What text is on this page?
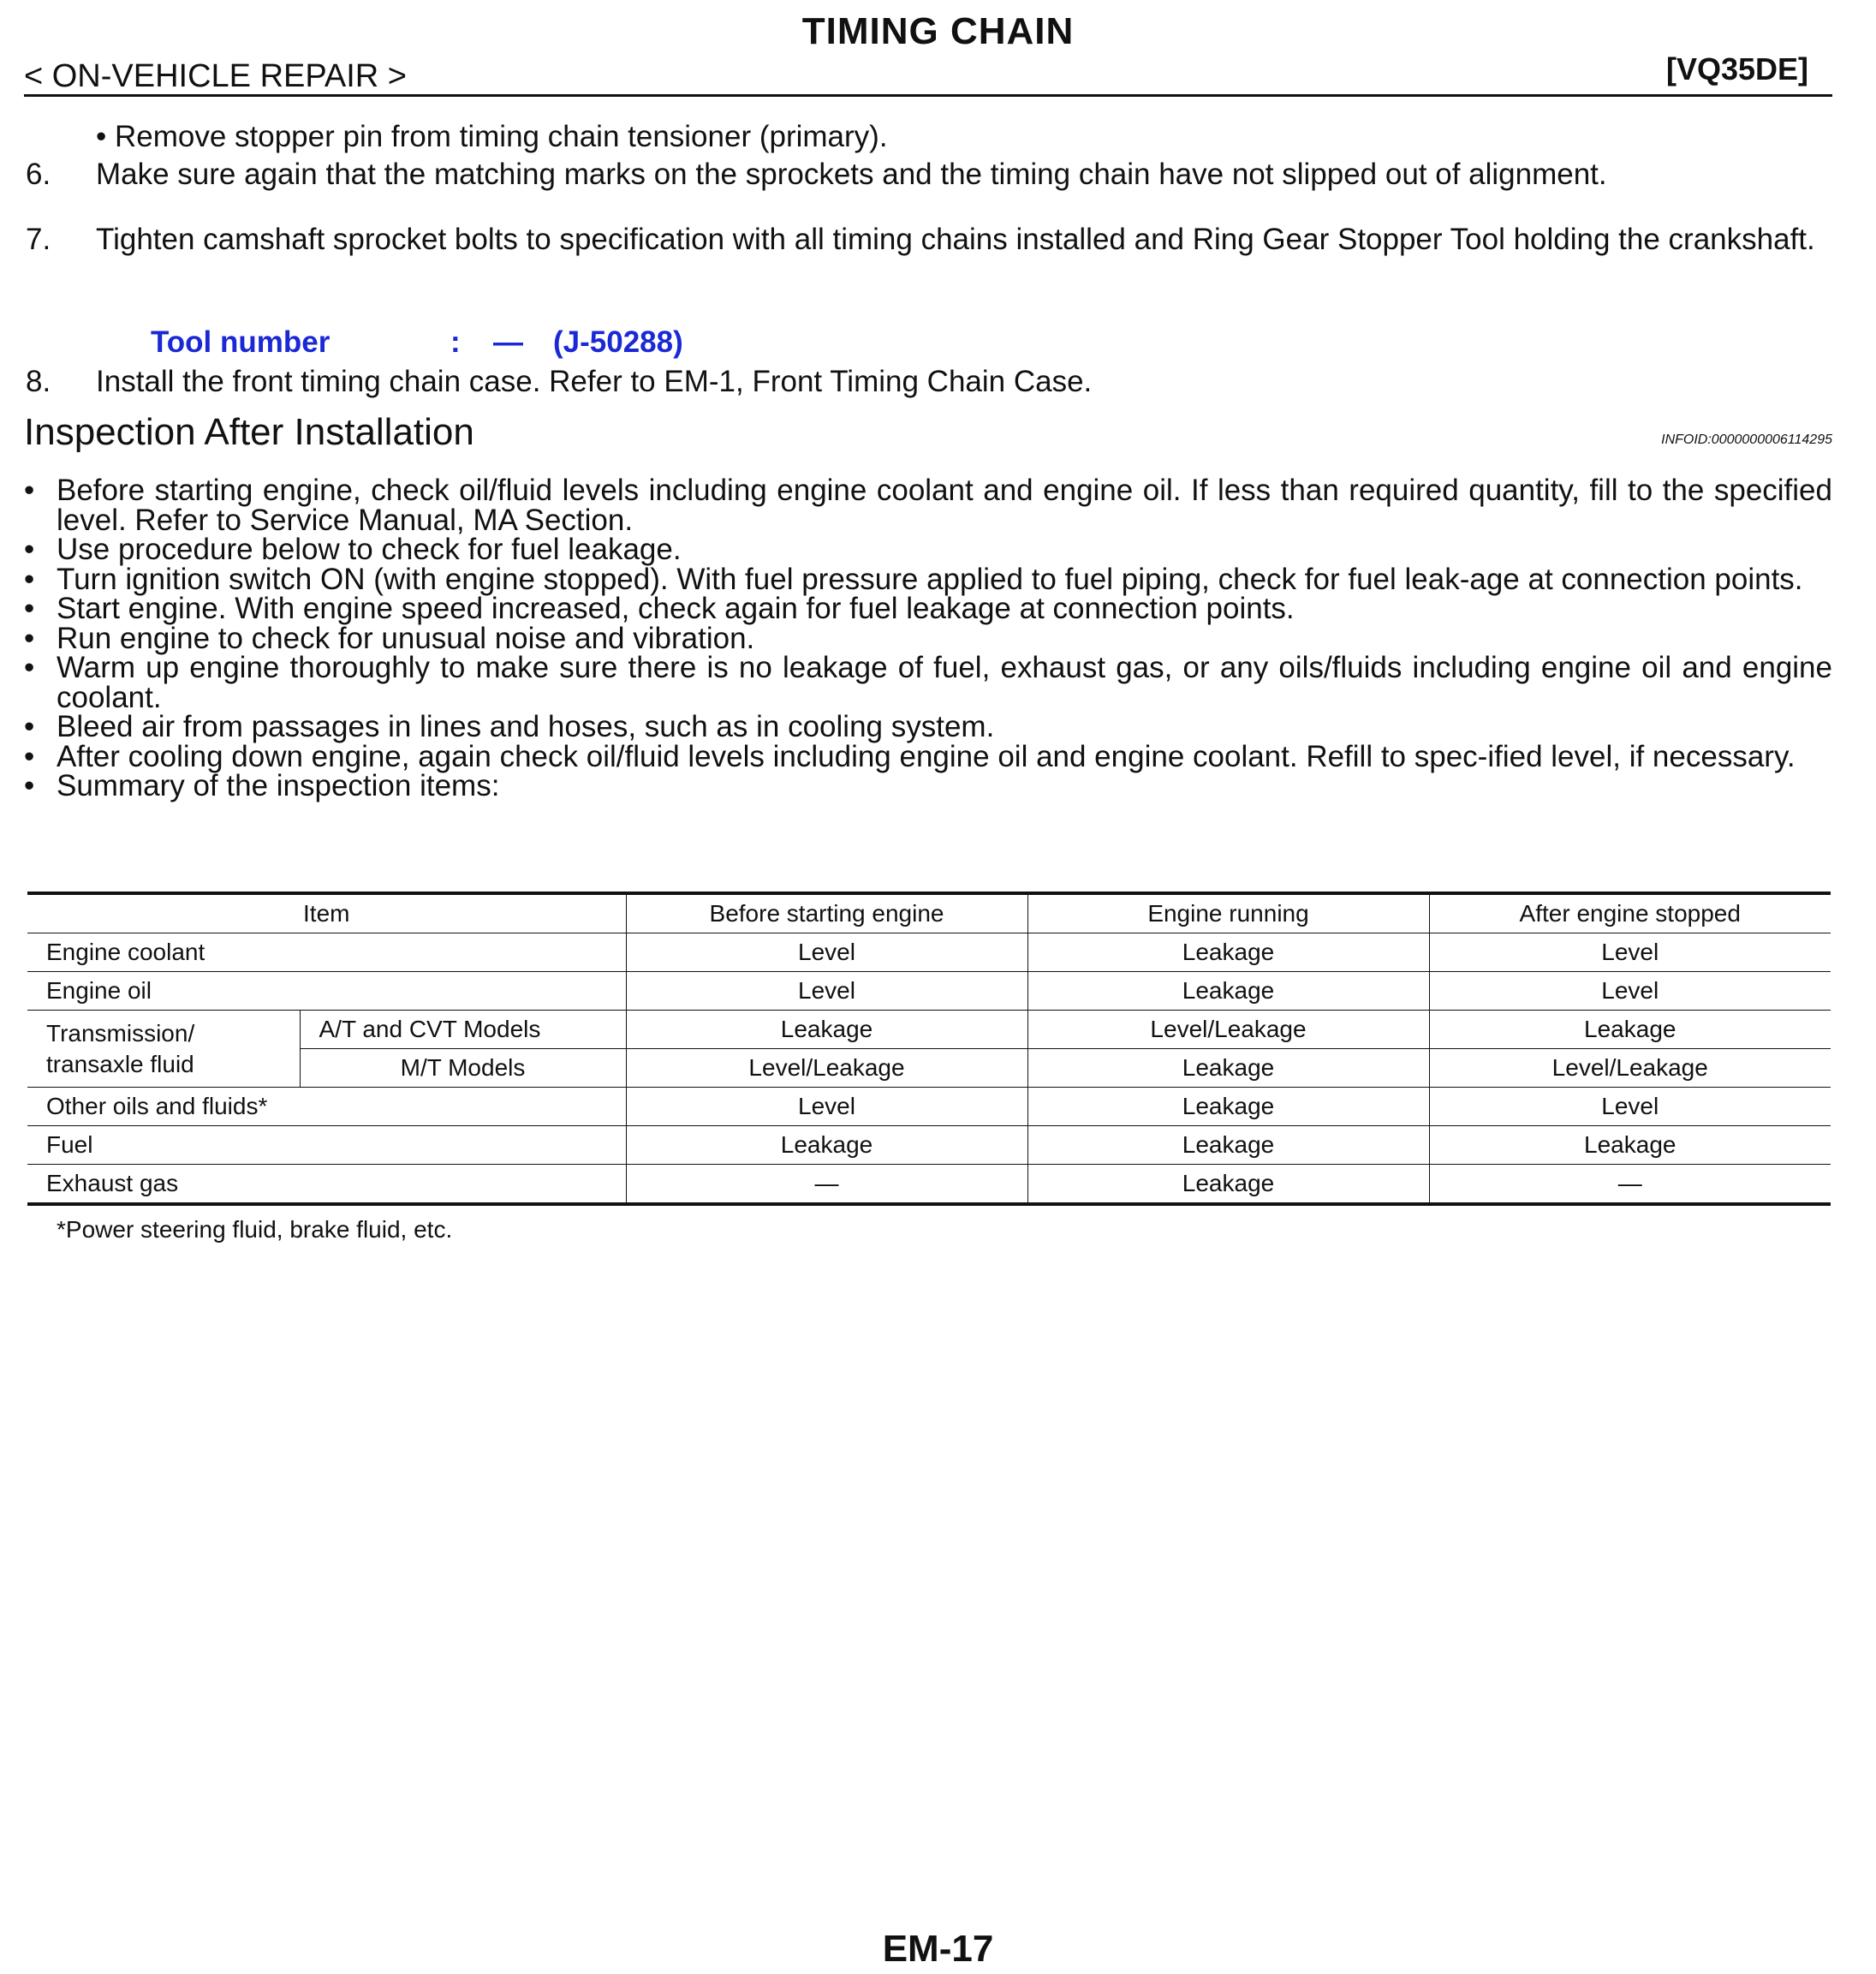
TIMING CHAIN
< ON-VEHICLE REPAIR >	[VQ35DE]
• Remove stopper pin from timing chain tensioner (primary).
6.	Make sure again that the matching marks on the sprockets and the timing chain have not slipped out of alignment.
7.	Tighten camshaft sprocket bolts to specification with all timing chains installed and Ring Gear Stopper Tool holding the crankshaft.
Tool number	: — (J-50288)
8.	Install the front timing chain case. Refer to EM-1, Front Timing Chain Case.
Inspection After Installation	INFOID:0000000006114295
• Before starting engine, check oil/fluid levels including engine coolant and engine oil. If less than required quantity, fill to the specified level. Refer to Service Manual, MA Section.
• Use procedure below to check for fuel leakage.
• Turn ignition switch ON (with engine stopped). With fuel pressure applied to fuel piping, check for fuel leak-age at connection points.
• Start engine. With engine speed increased, check again for fuel leakage at connection points.
• Run engine to check for unusual noise and vibration.
• Warm up engine thoroughly to make sure there is no leakage of fuel, exhaust gas, or any oils/fluids including engine oil and engine coolant.
• Bleed air from passages in lines and hoses, such as in cooling system.
• After cooling down engine, again check oil/fluid levels including engine oil and engine coolant. Refill to spec-ified level, if necessary.
• Summary of the inspection items:
Item		Before starting engine	Engine running	After engine stopped
Engine coolant		Level	Leakage	Level
Engine oil		Level	Leakage	Level
Transmission/ transaxle fluid	A/T and CVT Models	Leakage	Level/Leakage	Leakage
	M/T Models	Level/Leakage	Leakage	Level/Leakage
Other oils and fluids*		Level	Leakage	Level
Fuel		Leakage	Leakage	Leakage
Exhaust gas		—	Leakage	—
*Power steering fluid, brake fluid, etc.
EM-17
